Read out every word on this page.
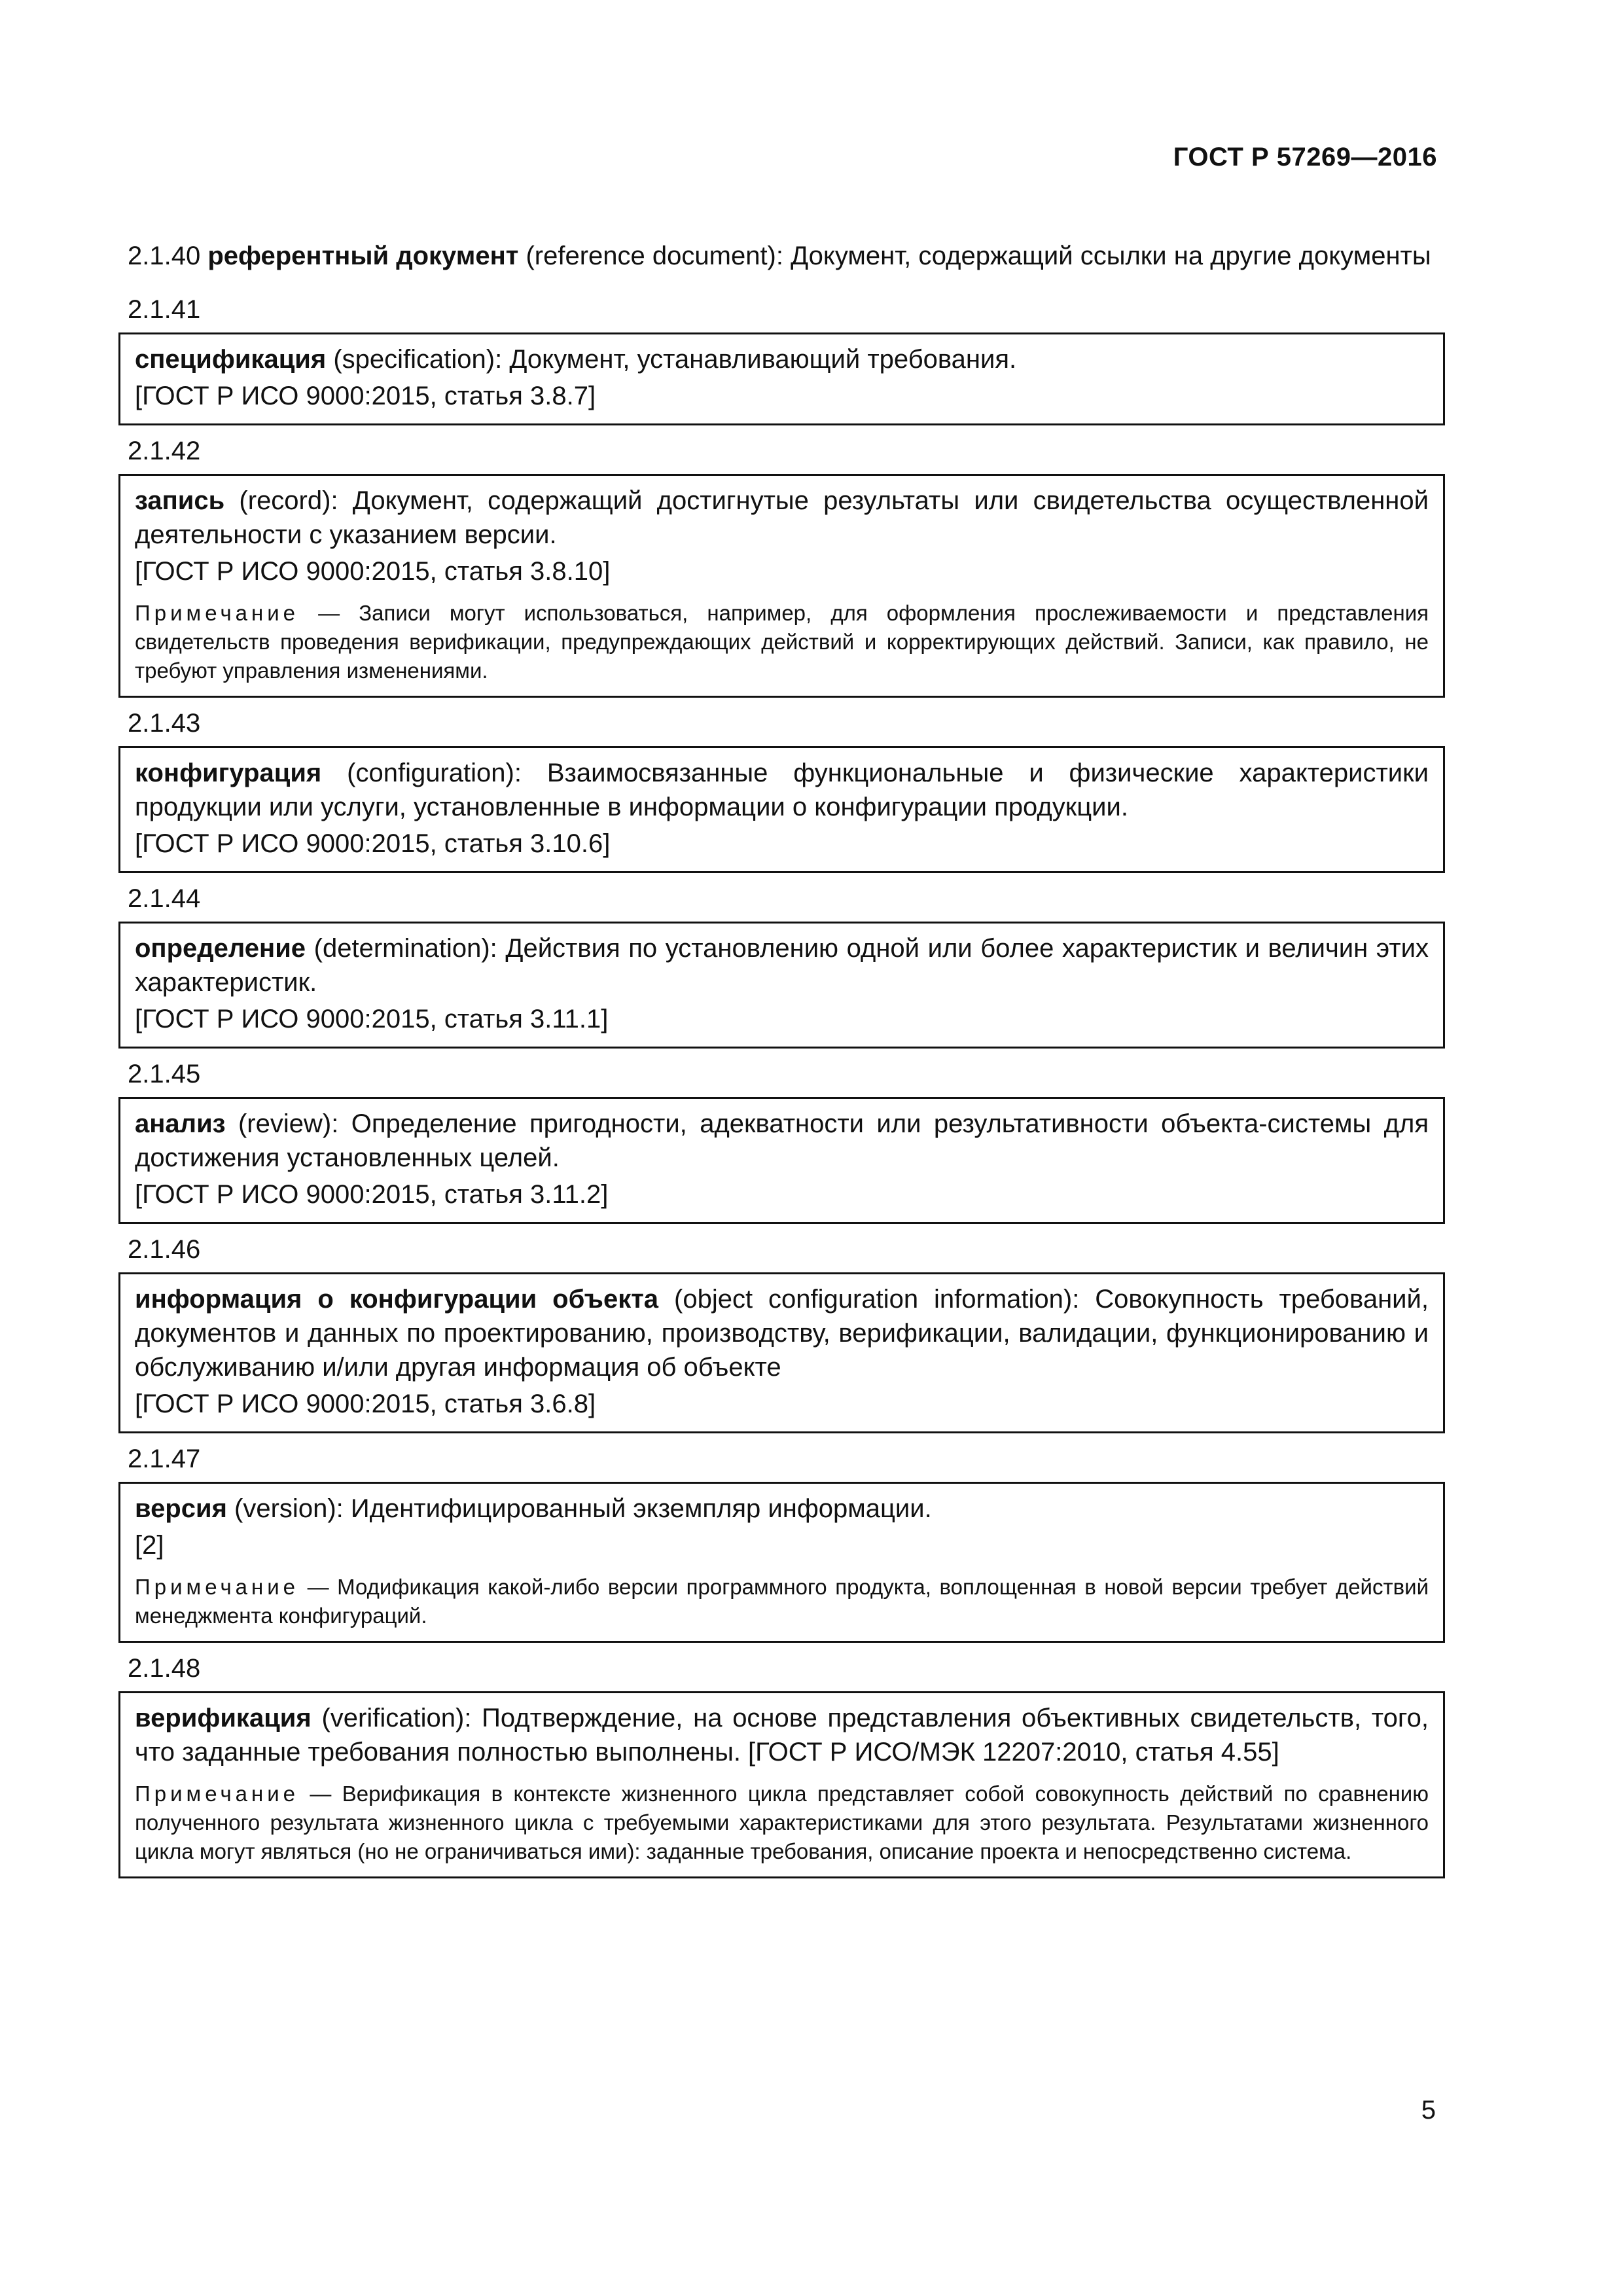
ГОСТ Р 57269—2016

2.1.40 референтный документ (reference document): Документ, содержащий ссылки на другие документы

2.1.41

спецификация (specification): Документ, устанавливающий требования.

[ГОСТ Р ИСО 9000:2015, статья 3.8.7]

2.1.42

запись (record): Документ, содержащий достигнутые результаты или свидетельства осуществленной деятельности с указанием версии.

[ГОСТ Р ИСО 9000:2015, статья 3.8.10]

Примечание — Записи могут использоваться, например, для оформления прослеживаемости и представления свидетельств проведения верификации, предупреждающих действий и корректирующих действий. Записи, как правило, не требуют управления изменениями.

2.1.43

конфигурация (configuration): Взаимосвязанные функциональные и физические характеристики продукции или услуги, установленные в информации о конфигурации продукции.

[ГОСТ Р ИСО 9000:2015, статья 3.10.6]

2.1.44

определение (determination): Действия по установлению одной или более характеристик и величин этих характеристик.

[ГОСТ Р ИСО 9000:2015, статья 3.11.1]

2.1.45

анализ (review): Определение пригодности, адекватности или результативности объекта-системы для достижения установленных целей.

[ГОСТ Р ИСО 9000:2015, статья 3.11.2]

2.1.46

информация о конфигурации объекта (object configuration information): Совокупность требований, документов и данных по проектированию, производству, верификации, валидации, функционированию и обслуживанию и/или другая информация об объекте

[ГОСТ Р ИСО 9000:2015, статья 3.6.8]

2.1.47

версия (version): Идентифицированный экземпляр информации.

[2]

Примечание — Модификация какой-либо версии программного продукта, воплощенная в новой версии требует действий менеджмента конфигураций.

2.1.48

верификация (verification): Подтверждение, на основе представления объективных свидетельств, того, что заданные требования полностью выполнены. [ГОСТ Р ИСО/МЭК 12207:2010, статья 4.55]

Примечание — Верификация в контексте жизненного цикла представляет собой совокупность действий по сравнению полученного результата жизненного цикла с требуемыми характеристиками для этого результата. Результатами жизненного цикла могут являться (но не ограничиваться ими): заданные требования, описание проекта и непосредственно система.

5
